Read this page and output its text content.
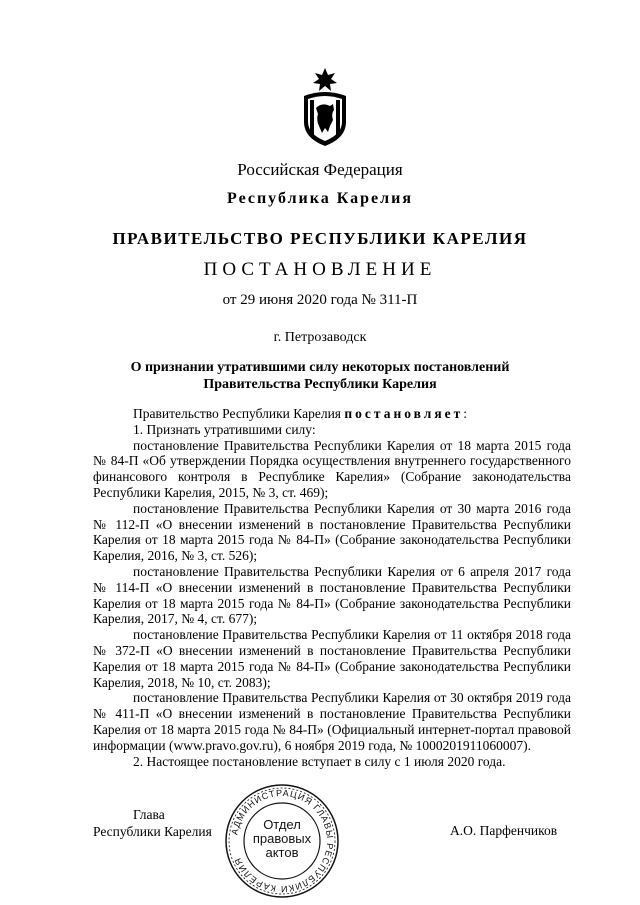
Российская Федерация
Республика Карелия
ПРАВИТЕЛЬСТВО РЕСПУБЛИКИ КАРЕЛИЯ
ПОСТАНОВЛЕНИЕ
от 29 июня 2020 года № 311-П
г. Петрозаводск
О признании утратившими силу некоторых постановлений
Правительства Республики Карелия

Правительство Республики Карелия постановляет:

1. Признать утратившими силу:

постановление Правительства Республики Карелия от 18 марта 2015 года № 84-П «Об утверждении Порядка осуществления внутреннего государственного финансового контроля в Республике Карелия» (Собрание законодательства Республики Карелия, 2015, № 3, ст. 469);

постановление Правительства Республики Карелия от 30 марта 2016 года № 112-П «О внесении изменений в постановление Правительства Республики Карелия от 18 марта 2015 года № 84-П» (Собрание законодательства Республики Карелия, 2016, № 3, ст. 526);

постановление Правительства Республики Карелия от 6 апреля 2017 года № 114-П «О внесении изменений в постановление Правительства Республики Карелия от 18 марта 2015 года № 84-П» (Собрание законодательства Республики Карелия, 2017, № 4, ст. 677);

постановление Правительства Республики Карелия от 11 октября 2018 года № 372-П «О внесении изменений в постановление Правительства Республики Карелия от 18 марта 2015 года № 84-П» (Собрание законодательства Республики Карелия, 2018, № 10, ст. 2083);

постановление Правительства Республики Карелия от 30 октября 2019 года № 411-П «О внесении изменений в постановление Правительства Республики Карелия от 18 марта 2015 года № 84-П» (Официальный интернет-портал правовой информации (www.pravo.gov.ru), 6 ноября 2019 года, № 1000201911060007).

2. Настоящее постановление вступает в силу с 1 июля 2020 года.

Глава
Республики Карелия	А.О. Парфенчиков
АДМИНИСТРАЦИЯ ГЛАВЫ РЕСПУБЛИКИ КАРЕЛИЯ
Отдел
правовых
актов
